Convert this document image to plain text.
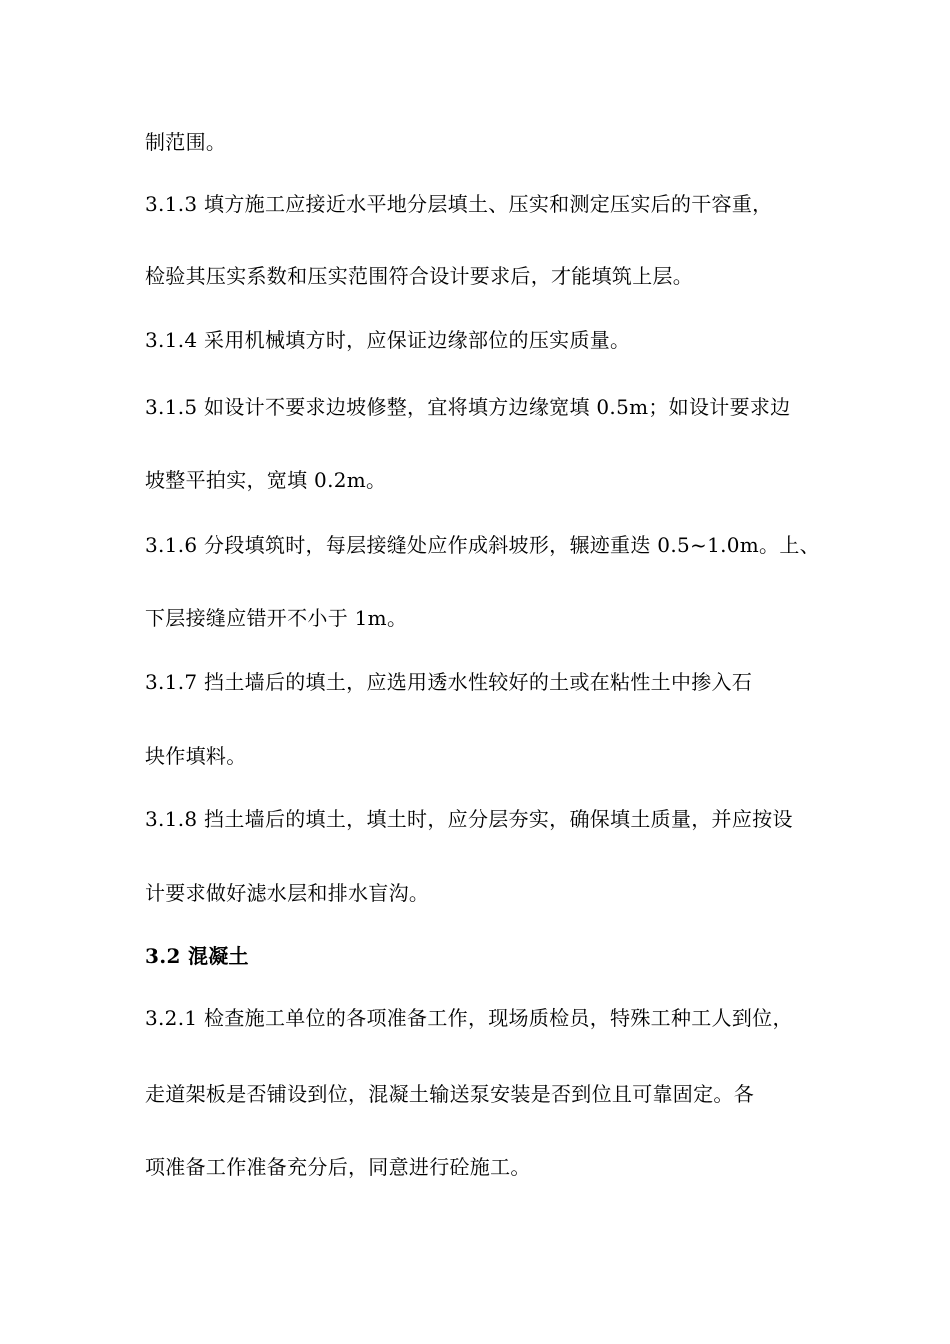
制范围。
3.1.3 填方施工应接近水平地分层填土、压实和测定压实后的干容重，
检验其压实系数和压实范围符合设计要求后，才能填筑上层。
3.1.4 采用机械填方时，应保证边缘部位的压实质量。
3.1.5 如设计不要求边坡修整，宜将填方边缘宽填 0.5m；如设计要求边
坡整平拍实，宽填 0.2m。
3.1.6 分段填筑时，每层接缝处应作成斜坡形，辗迹重迭 0.5~1.0m。上、
下层接缝应错开不小于 1m。
3.1.7 挡土墙后的填土，应选用透水性较好的土或在粘性土中掺入石
块作填料。
3.1.8 挡土墙后的填土，填土时，应分层夯实，确保填土质量，并应按设
计要求做好滤水层和排水盲沟。
3.2 混凝土
3.2.1 检查施工单位的各项准备工作，现场质检员，特殊工种工人到位，
走道架板是否铺设到位，混凝土输送泵安装是否到位且可靠固定。各
项准备工作准备充分后，同意进行砼施工。
